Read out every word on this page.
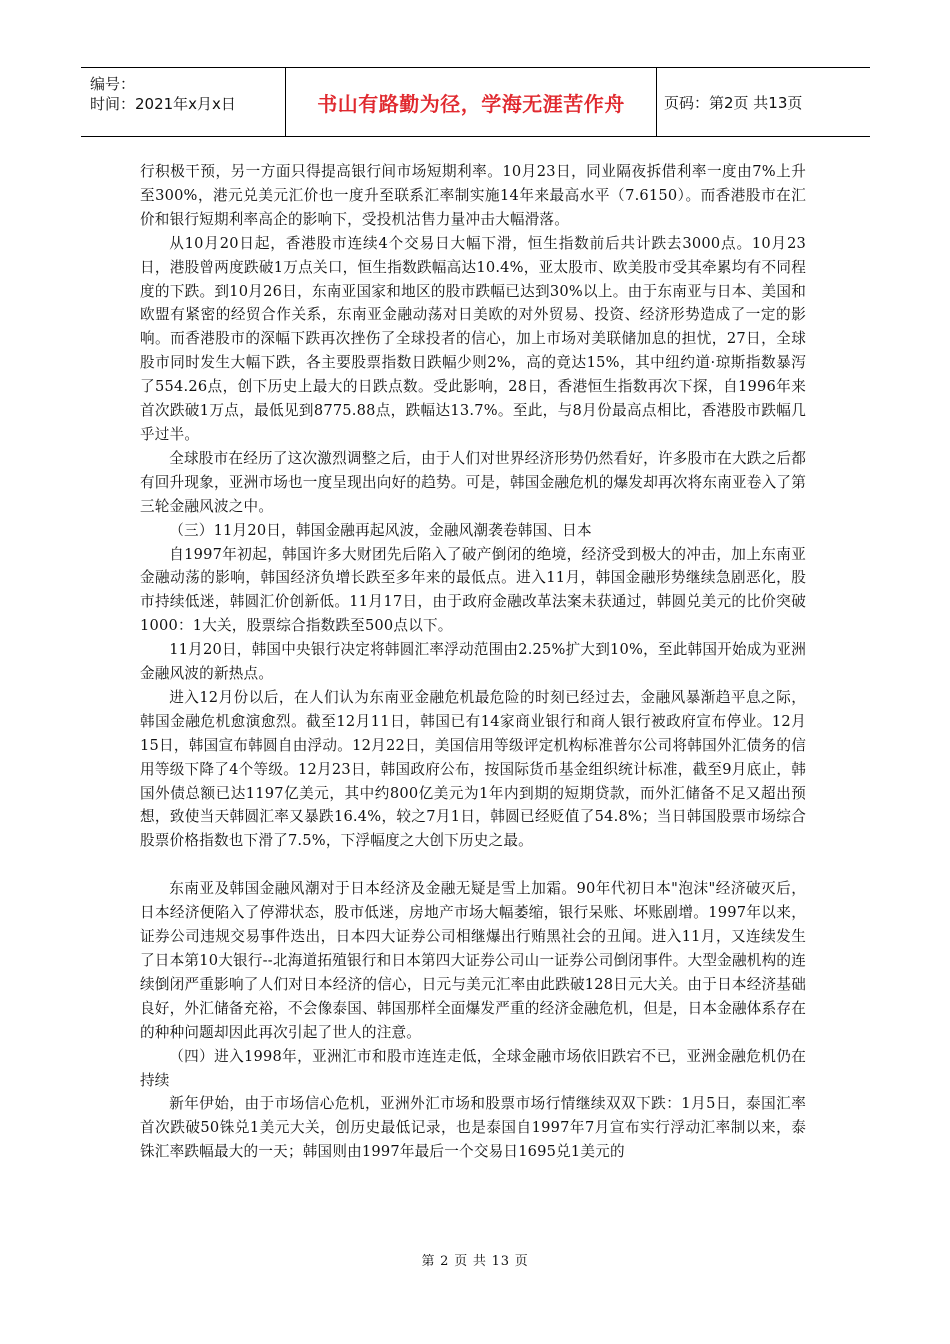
编号：
时间：2021年x月x日	书山有路勤为径，学海无涯苦作舟	页码：第2页 共13页

行积极干预，另一方面只得提高银行间市场短期利率。10月23日，同业隔夜拆借利率一度由7%上升至300%，港元兑美元汇价也一度升至联系汇率制实施14年来最高水平（7.6150）。而香港股市在汇价和银行短期利率高企的影响下，受投机沽售力量冲击大幅滑落。

从10月20日起，香港股市连续4个交易日大幅下滑，恒生指数前后共计跌去3000点。10月23日，港股曾两度跌破1万点关口，恒生指数跌幅高达10.4%，亚太股市、欧美股市受其牵累均有不同程度的下跌。到10月26日，东南亚国家和地区的股市跌幅已达到30%以上。由于东南亚与日本、美国和欧盟有紧密的经贸合作关系，东南亚金融动荡对日美欧的对外贸易、投资、经济形势造成了一定的影响。而香港股市的深幅下跌再次挫伤了全球投者的信心，加上市场对美联储加息的担忧，27日，全球股市同时发生大幅下跌，各主要股票指数日跌幅少则2%，高的竟达15%，其中纽约道·琼斯指数暴泻了554.26点，创下历史上最大的日跌点数。受此影响，28日，香港恒生指数再次下探，自1996年来首次跌破1万点，最低见到8775.88点，跌幅达13.7%。至此，与8月份最高点相比，香港股市跌幅几乎过半。

全球股市在经历了这次激烈调整之后，由于人们对世界经济形势仍然看好，许多股市在大跌之后都有回升现象，亚洲市场也一度呈现出向好的趋势。可是，韩国金融危机的爆发却再次将东南亚卷入了第三轮金融风波之中。

（三）11月20日，韩国金融再起风波，金融风潮袭卷韩国、日本

自1997年初起，韩国许多大财团先后陷入了破产倒闭的绝境，经济受到极大的冲击，加上东南亚金融动荡的影响，韩国经济负增长跌至多年来的最低点。进入11月，韩国金融形势继续急剧恶化，股市持续低迷，韩圆汇价创新低。11月17日，由于政府金融改革法案未获通过，韩圆兑美元的比价突破1000：1大关，股票综合指数跌至500点以下。

11月20日，韩国中央银行决定将韩圆汇率浮动范围由2.25%扩大到10%，至此韩国开始成为亚洲金融风波的新热点。

进入12月份以后，在人们认为东南亚金融危机最危险的时刻已经过去，金融风暴渐趋平息之际，韩国金融危机愈演愈烈。截至12月11日，韩国已有14家商业银行和商人银行被政府宣布停业。12月15日，韩国宣布韩圆自由浮动。12月22日，美国信用等级评定机构标准普尔公司将韩国外汇债务的信用等级下降了4个等级。12月23日，韩国政府公布，按国际货币基金组织统计标准，截至9月底止，韩国外债总额已达1197亿美元，其中约800亿美元为1年内到期的短期贷款，而外汇储备不足又超出预想，致使当天韩圆汇率又暴跌16.4%，较之7月1日，韩圆已经贬值了54.8%；当日韩国股票市场综合股票价格指数也下滑了7.5%，下浮幅度之大创下历史之最。

东南亚及韩国金融风潮对于日本经济及金融无疑是雪上加霜。90年代初日本"泡沫"经济破灭后，日本经济便陷入了停滞状态，股市低迷，房地产市场大幅萎缩，银行呆账、坏账剧增。1997年以来，证券公司违规交易事件迭出，日本四大证券公司相继爆出行贿黑社会的丑闻。进入11月，又连续发生了日本第10大银行--北海道拓殖银行和日本第四大证券公司山一证券公司倒闭事件。大型金融机构的连续倒闭严重影响了人们对日本经济的信心，日元与美元汇率由此跌破128日元大关。由于日本经济基础良好，外汇储备充裕，不会像泰国、韩国那样全面爆发严重的经济金融危机，但是，日本金融体系存在的种种问题却因此再次引起了世人的注意。

（四）进入1998年，亚洲汇市和股市连连走低，全球金融市场依旧跌宕不已，亚洲金融危机仍在持续

新年伊始，由于市场信心危机，亚洲外汇市场和股票市场行情继续双双下跌：1月5日，泰国汇率首次跌破50铢兑1美元大关，创历史最低记录，也是泰国自1997年7月宣布实行浮动汇率制以来，泰铢汇率跌幅最大的一天；韩国则由1997年最后一个交易日1695兑1美元的

第 2 页 共 13 页
